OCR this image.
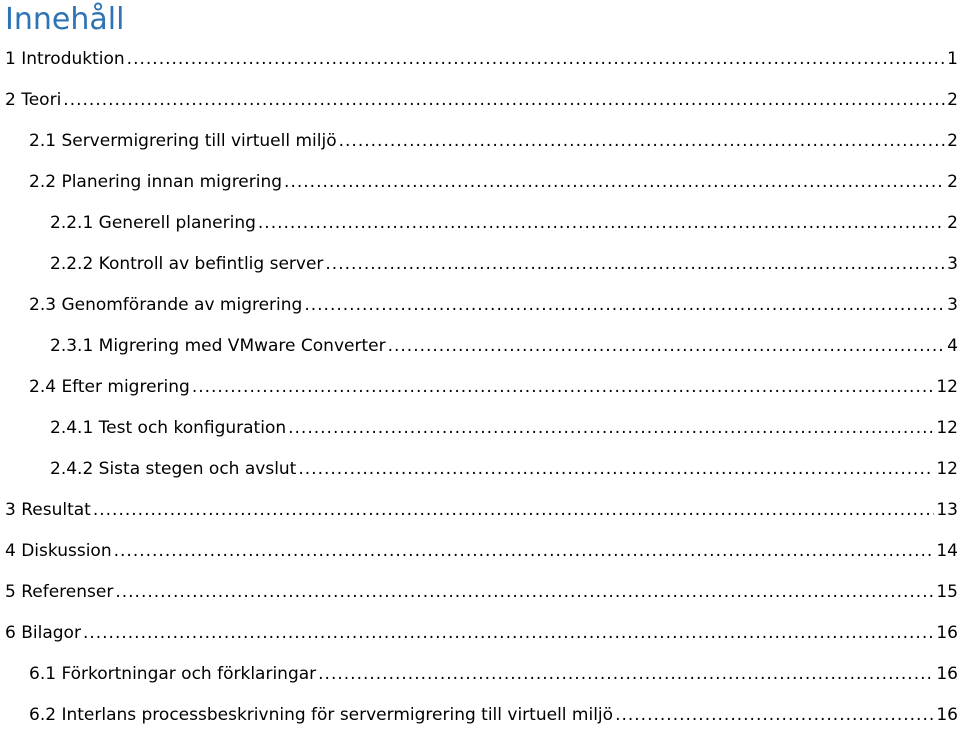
Innehåll
1 Introduktion .....	1
2 Teori .....	2
2.1 Servermigrering till virtuell miljö .....	2
2.2 Planering innan migrering .....	2
2.2.1 Generell planering .....	2
2.2.2 Kontroll av befintlig server .....	3
2.3 Genomförande av migrering .....	3
2.3.1 Migrering med VMware Converter .....	4
2.4 Efter migrering .....	12
2.4.1 Test och konfiguration .....	12
2.4.2 Sista stegen och avslut .....	12
3 Resultat .....	13
4 Diskussion .....	14
5 Referenser .....	15
6 Bilagor .....	16
6.1 Förkortningar och förklaringar .....	16
6.2 Interlans processbeskrivning för servermigrering till virtuell miljö .....	16
